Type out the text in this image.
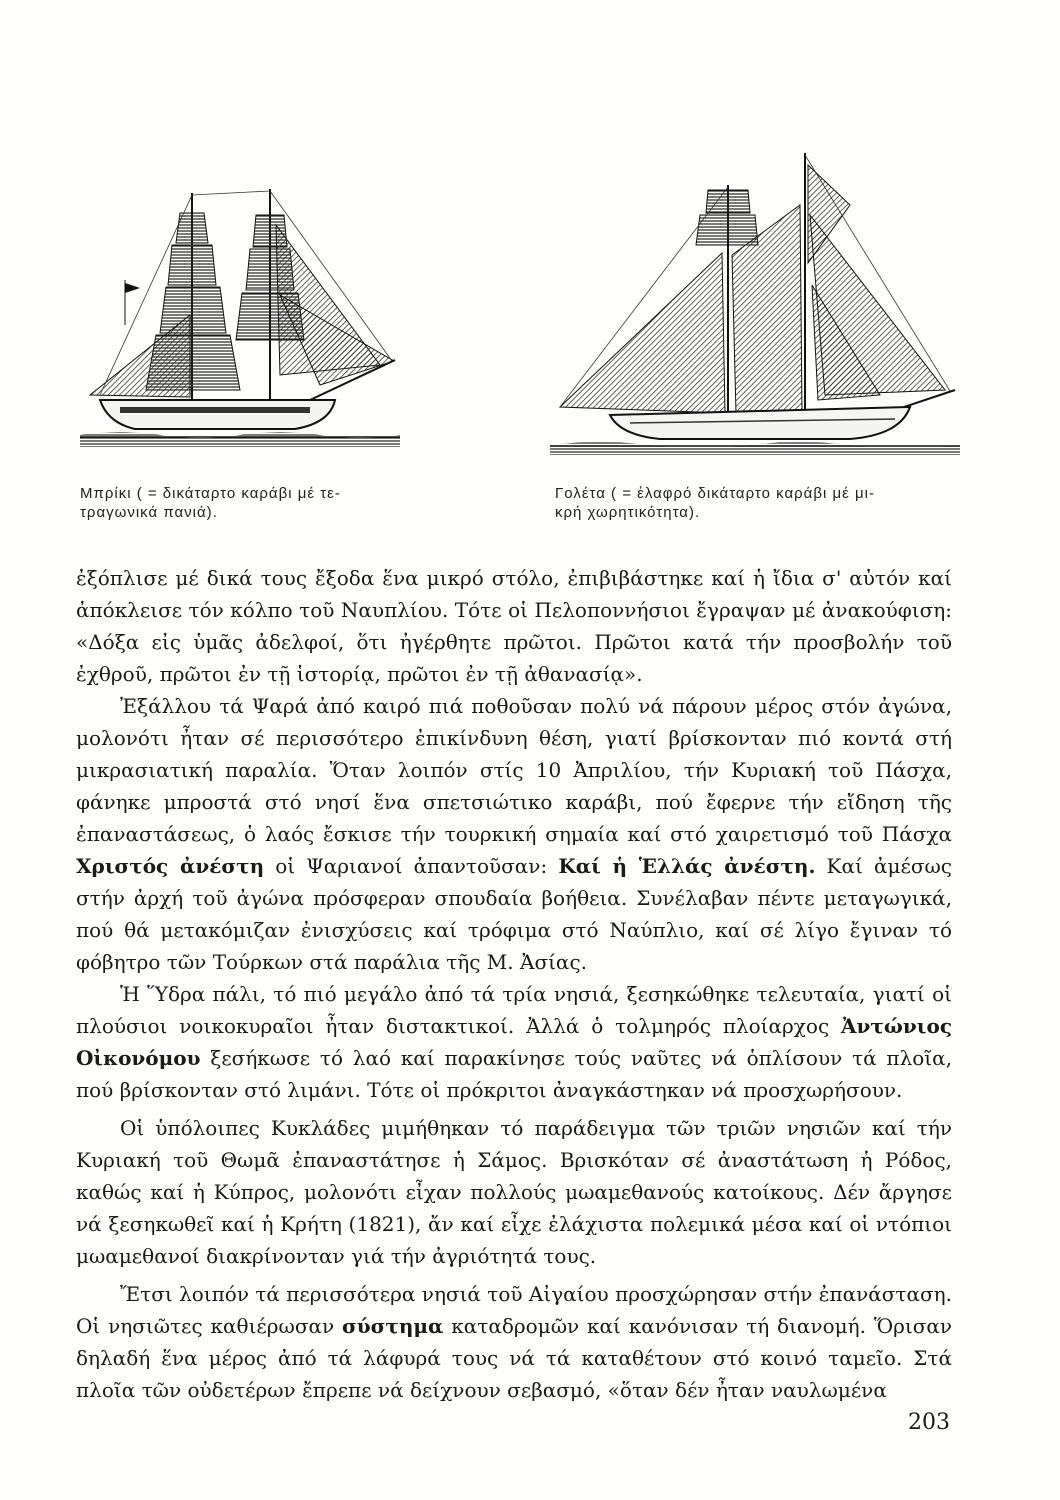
Μπρίκι ( = δικάταρτο καράβι μέ τε-
τραγωνικά πανιά).
Γολέτα ( = ἐλαφρό δικάταρτο καράβι μέ μι-
κρή χωρητικότητα).

ἐξόπλισε μέ δικά τους ἔξοδα ἕνα μικρό στόλο, ἐπιβιβάστηκε καί ἡ ἴδια σ' αὐτόν καί ἀπόκλεισε τόν κόλπο τοῦ Ναυπλίου. Τότε οἱ Πελοποννήσιοι ἔγραψαν μέ ἀνακούφιση: «Δόξα εἰς ὑμᾶς ἀδελφοί, ὅτι ἠγέρθητε πρῶτοι. Πρῶτοι κατά τήν προσβολήν τοῦ ἐχθροῦ, πρῶτοι ἐν τῇ ἱστορίᾳ, πρῶτοι ἐν τῇ ἀθανασίᾳ».

Ἐξάλλου τά Ψαρά ἀπό καιρό πιά ποθοῦσαν πολύ νά πάρουν μέρος στόν ἀγώνα, μολονότι ἦταν σέ περισσότερο ἐπικίνδυνη θέση, γιατί βρίσκονταν πιό κοντά στή μικρασιατική παραλία. Ὅταν λοιπόν στίς 10 Ἀπριλίου, τήν Κυριακή τοῦ Πάσχα, φάνηκε μπροστά στό νησί ἕνα σπετσιώτικο καράβι, πού ἔφερνε τήν εἴδηση τῆς ἐπαναστάσεως, ὁ λαός ἔσκισε τήν τουρκική σημαία καί στό χαιρετισμό τοῦ Πάσχα Χριστός ἀνέστη οἱ Ψαριανοί ἀπαντοῦσαν: Καί ἡ Ἑλλάς ἀνέστη. Καί ἀμέσως στήν ἀρχή τοῦ ἀγώνα πρόσφεραν σπουδαία βοήθεια. Συνέλαβαν πέντε μεταγωγικά, πού θά μετακόμιζαν ἐνισχύσεις καί τρόφιμα στό Ναύπλιο, καί σέ λίγο ἔγιναν τό φόβητρο τῶν Τούρκων στά παράλια τῆς Μ. Ἀσίας.

Ἡ Ὕδρα πάλι, τό πιό μεγάλο ἀπό τά τρία νησιά, ξεσηκώθηκε τελευταία, γιατί οἱ πλούσιοι νοικοκυραῖοι ἦταν διστακτικοί. Ἀλλά ὁ τολμηρός πλοίαρχος Ἀντώνιος Οἰκονόμου ξεσήκωσε τό λαό καί παρακίνησε τούς ναῦτες νά ὁπλίσουν τά πλοῖα, πού βρίσκονταν στό λιμάνι. Τότε οἱ πρόκριτοι ἀναγκάστηκαν νά προσχωρήσουν.

Οἱ ὑπόλοιπες Κυκλάδες μιμήθηκαν τό παράδειγμα τῶν τριῶν νησιῶν καί τήν Κυριακή τοῦ Θωμᾶ ἐπαναστάτησε ἡ Σάμος. Βρισκόταν σέ ἀναστάτωση ἡ Ρόδος, καθώς καί ἡ Κύπρος, μολονότι εἶχαν πολλούς μωαμεθανούς κατοίκους. Δέν ἄργησε νά ξεσηκωθεῖ καί ἡ Κρήτη (1821), ἄν καί εἶχε ἐλάχιστα πολεμικά μέσα καί οἱ ντόπιοι μωαμεθανοί διακρίνονταν γιά τήν ἀγριότητά τους.

Ἔτσι λοιπόν τά περισσότερα νησιά τοῦ Αἰγαίου προσχώρησαν στήν ἐπανάσταση. Οἱ νησιῶτες καθιέρωσαν σύστημα καταδρομῶν καί κανόνισαν τή διανομή. Ὅρισαν δηλαδή ἕνα μέρος ἀπό τά λάφυρά τους νά τά καταθέτουν στό κοινό ταμεῖο. Στά πλοῖα τῶν οὐδετέρων ἔπρεπε νά δείχνουν σεβασμό, «ὅταν δέν ἦταν ναυλωμένα

203
